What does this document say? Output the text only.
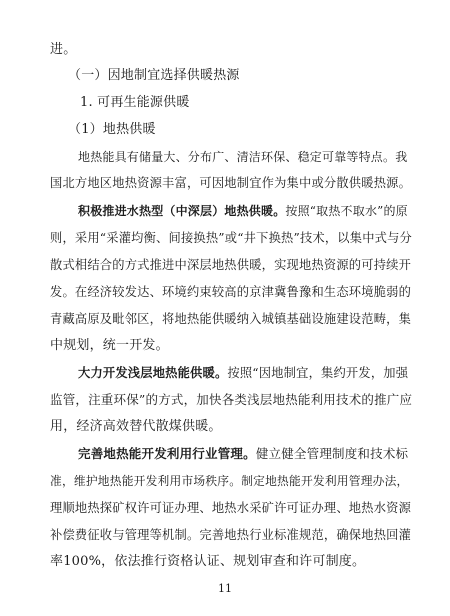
进。
（一）因地制宜选择供暖热源
1. 可再生能源供暖
（1）地热供暖
地热能具有储量大、分布广、清洁环保、稳定可靠等特点。我
国北方地区地热资源丰富，可因地制宜作为集中或分散供暖热源。
积极推进水热型（中深层）地热供暖。按照“取热不取水”的原
则，采用“采灌均衡、间接换热”或“井下换热”技术，以集中式与分
散式相结合的方式推进中深层地热供暖，实现地热资源的可持续开
发。在经济较发达、环境约束较高的京津冀鲁豫和生态环境脆弱的
青藏高原及毗邻区，将地热能供暖纳入城镇基础设施建设范畴，集
中规划，统一开发。
大力开发浅层地热能供暖。按照“因地制宜，集约开发，加强
监管，注重环保”的方式，加快各类浅层地热能利用技术的推广应
用，经济高效替代散煤供暖。
完善地热能开发利用行业管理。健立健全管理制度和技术标
准，维护地热能开发利用市场秩序。制定地热能开发利用管理办法，
理顺地热探矿权许可证办理、地热水采矿许可证办理、地热水资源
补偿费征收与管理等机制。完善地热行业标准规范，确保地热回灌
率100%，依法推行资格认证、规划审查和许可制度。
11
